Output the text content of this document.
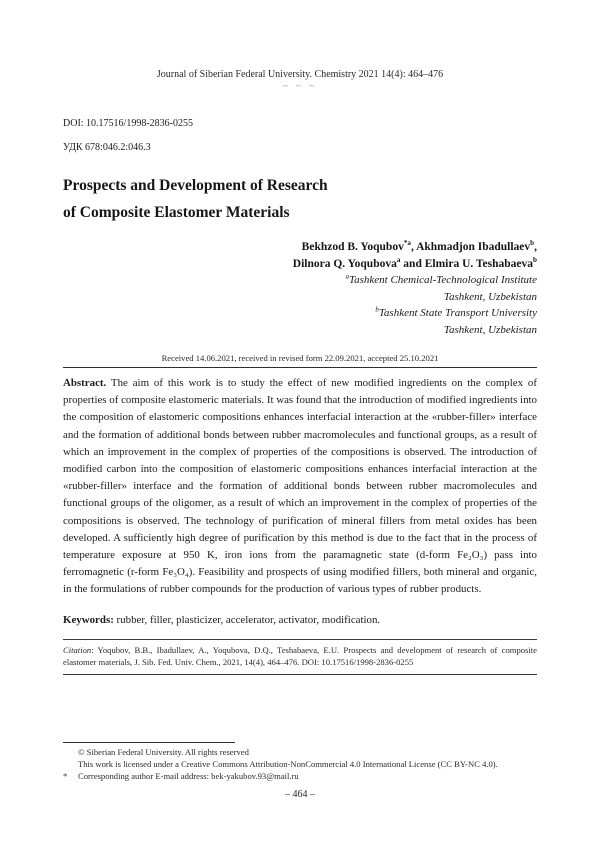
Journal of Siberian Federal University. Chemistry 2021 14(4): 464–476
~ ~ ~
DOI: 10.17516/1998-2836-0255
УДК 678:046.2:046.3
Prospects and Development of Research
of Composite Elastomer Materials
Bekhzod B. Yoqubov$^{*a}$, Akhmadjon Ibadullaev$^b$,
Dilnora Q. Yoqubova$^a$ and Elmira U. Teshabaeva$^b$
$^a$Tashkent Chemical-Technological Institute
Tashkent, Uzbekistan
$^b$Tashkent State Transport University
Tashkent, Uzbekistan
Received 14.06.2021, received in revised form 22.09.2021, accepted 25.10.2021
Abstract. The aim of this work is to study the effect of new modified ingredients on the complex of properties of composite elastomeric materials. It was found that the introduction of modified ingredients into the composition of elastomeric compositions enhances interfacial interaction at the «rubber-filler» interface and the formation of additional bonds between rubber macromolecules and functional groups, as a result of which an improvement in the complex of properties of the compositions is observed. The introduction of modified carbon into the composition of elastomeric compositions enhances interfacial interaction at the «rubber-filler» interface and the formation of additional bonds between rubber macromolecules and functional groups of the oligomer, as a result of which an improvement in the complex of properties of the compositions is observed. The technology of purification of mineral fillers from metal oxides has been developed. A sufficiently high degree of purification by this method is due to the fact that in the process of temperature exposure at 950 K, iron ions from the paramagnetic state (d-form Fe₂O₃) pass into ferromagnetic (r-form Fe₃O₄). Feasibility and prospects of using modified fillers, both mineral and organic, in the formulations of rubber compounds for the production of various types of rubber products.
Keywords: rubber, filler, plasticizer, accelerator, activator, modification.
Citation: Yoqubov, B.B., Ibadullaev, A., Yoqubova, D.Q., Teshabaeva, E.U. Prospects and development of research of composite elastomer materials, J. Sib. Fed. Univ. Chem., 2021, 14(4), 464–476. DOI: 10.17516/1998-2836-0255
© Siberian Federal University. All rights reserved
This work is licensed under a Creative Commons Attribution-NonCommercial 4.0 International License (CC BY-NC 4.0).
*	Corresponding author E-mail address: bek-yakubov.93@mail.ru
– 464 –
